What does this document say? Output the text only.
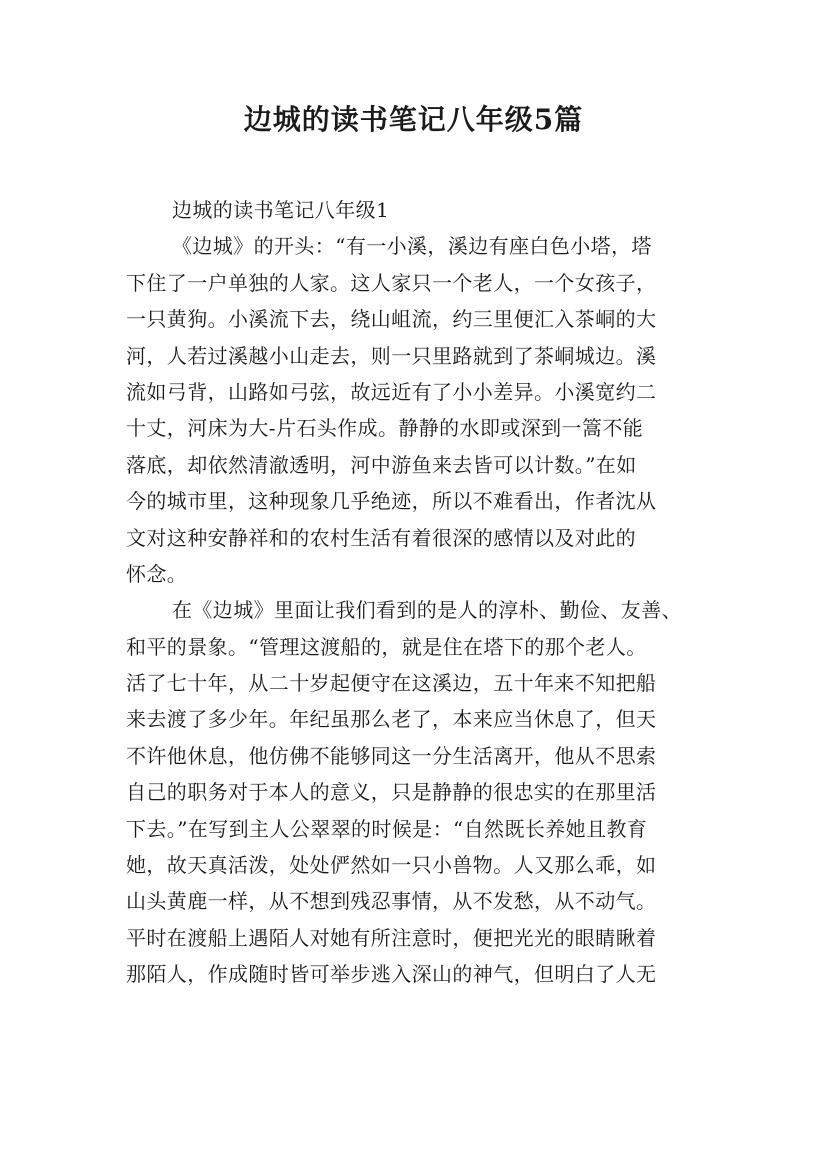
边城的读书笔记八年级5篇
边城的读书笔记八年级1
《边城》的开头：“有一小溪，溪边有座白色小塔，塔
下住了一户单独的人家。这人家只一个老人，一个女孩子，
一只黄狗。小溪流下去，绕山岨流，约三里便汇入茶峒的大
河，人若过溪越小山走去，则一只里路就到了茶峒城边。溪
流如弓背，山路如弓弦，故远近有了小小差异。小溪宽约二
十丈，河床为大-片石头作成。静静的水即或深到一篙不能
落底，却依然清澈透明，河中游鱼来去皆可以计数。”在如
今的城市里，这种现象几乎绝迹，所以不难看出，作者沈从
文对这种安静祥和的农村生活有着很深的感情以及对此的
怀念。
在《边城》里面让我们看到的是人的淳朴、勤俭、友善、
和平的景象。“管理这渡船的，就是住在塔下的那个老人。
活了七十年，从二十岁起便守在这溪边，五十年来不知把船
来去渡了多少年。年纪虽那么老了，本来应当休息了，但天
不许他休息，他仿佛不能够同这一分生活离开，他从不思索
自己的职务对于本人的意义，只是静静的很忠实的在那里活
下去。”在写到主人公翠翠的时候是：“自然既长养她且教育
她，故天真活泼，处处俨然如一只小兽物。人又那么乖，如
山头黄鹿一样，从不想到残忍事情，从不发愁，从不动气。
平时在渡船上遇陌人对她有所注意时，便把光光的眼睛瞅着
那陌人，作成随时皆可举步逃入深山的神气，但明白了人无
